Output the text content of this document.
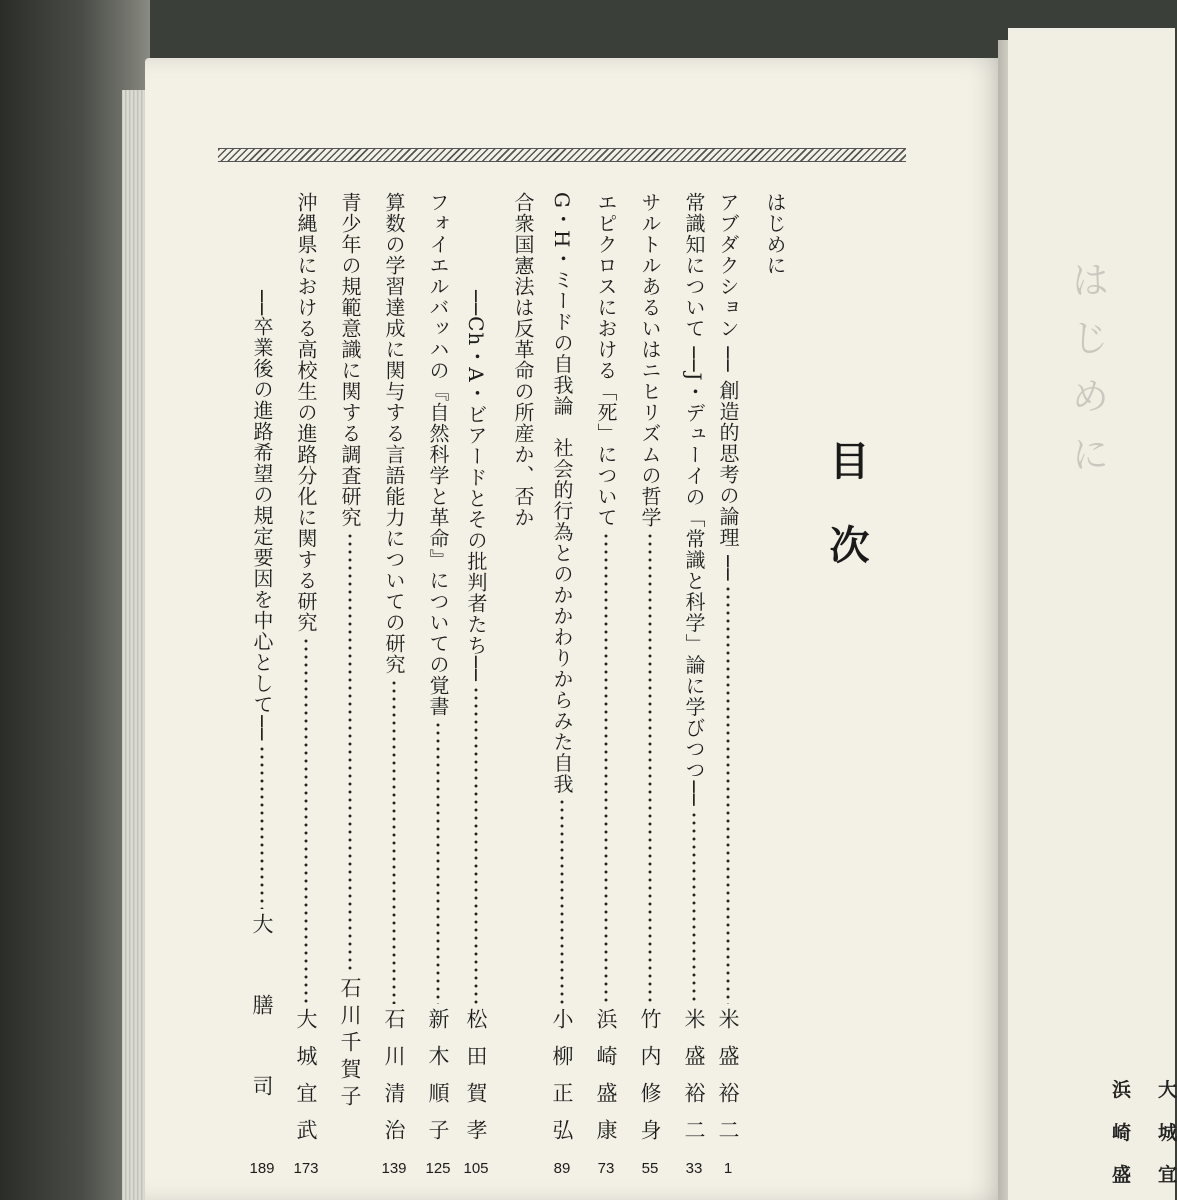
目次
はじめに
アブダクション ── 創造的思考の論理 ──
米盛裕二
1
常識知について ──J・デューイの「常識と科学」論に学びつつ──
米盛裕二
33
サルトルあるいはニヒリズムの哲学
竹内修身
55
エピクロスにおける「死」について
浜崎盛康
73
G・H・ミードの自我論　社会的行為とのかかわりからみた自我
小柳正弘
89
合衆国憲法は反革命の所産か、否か
──Ch・A・ビアードとその批判者たち──
松田賀孝
105
フォイエルバッハの『自然科学と革命』についての覚書
新木順子
125
算数の学習達成に関与する言語能力についての研究
石川清治
139
青少年の規範意識に関する調査研究
石川千賀子
沖縄県における高校生の進路分化に関する研究
大城宜武
173
──卒業後の進路希望の規定要因を中心として──
大膳司
189
はじめに
浜 大
崎 城
盛 宜
